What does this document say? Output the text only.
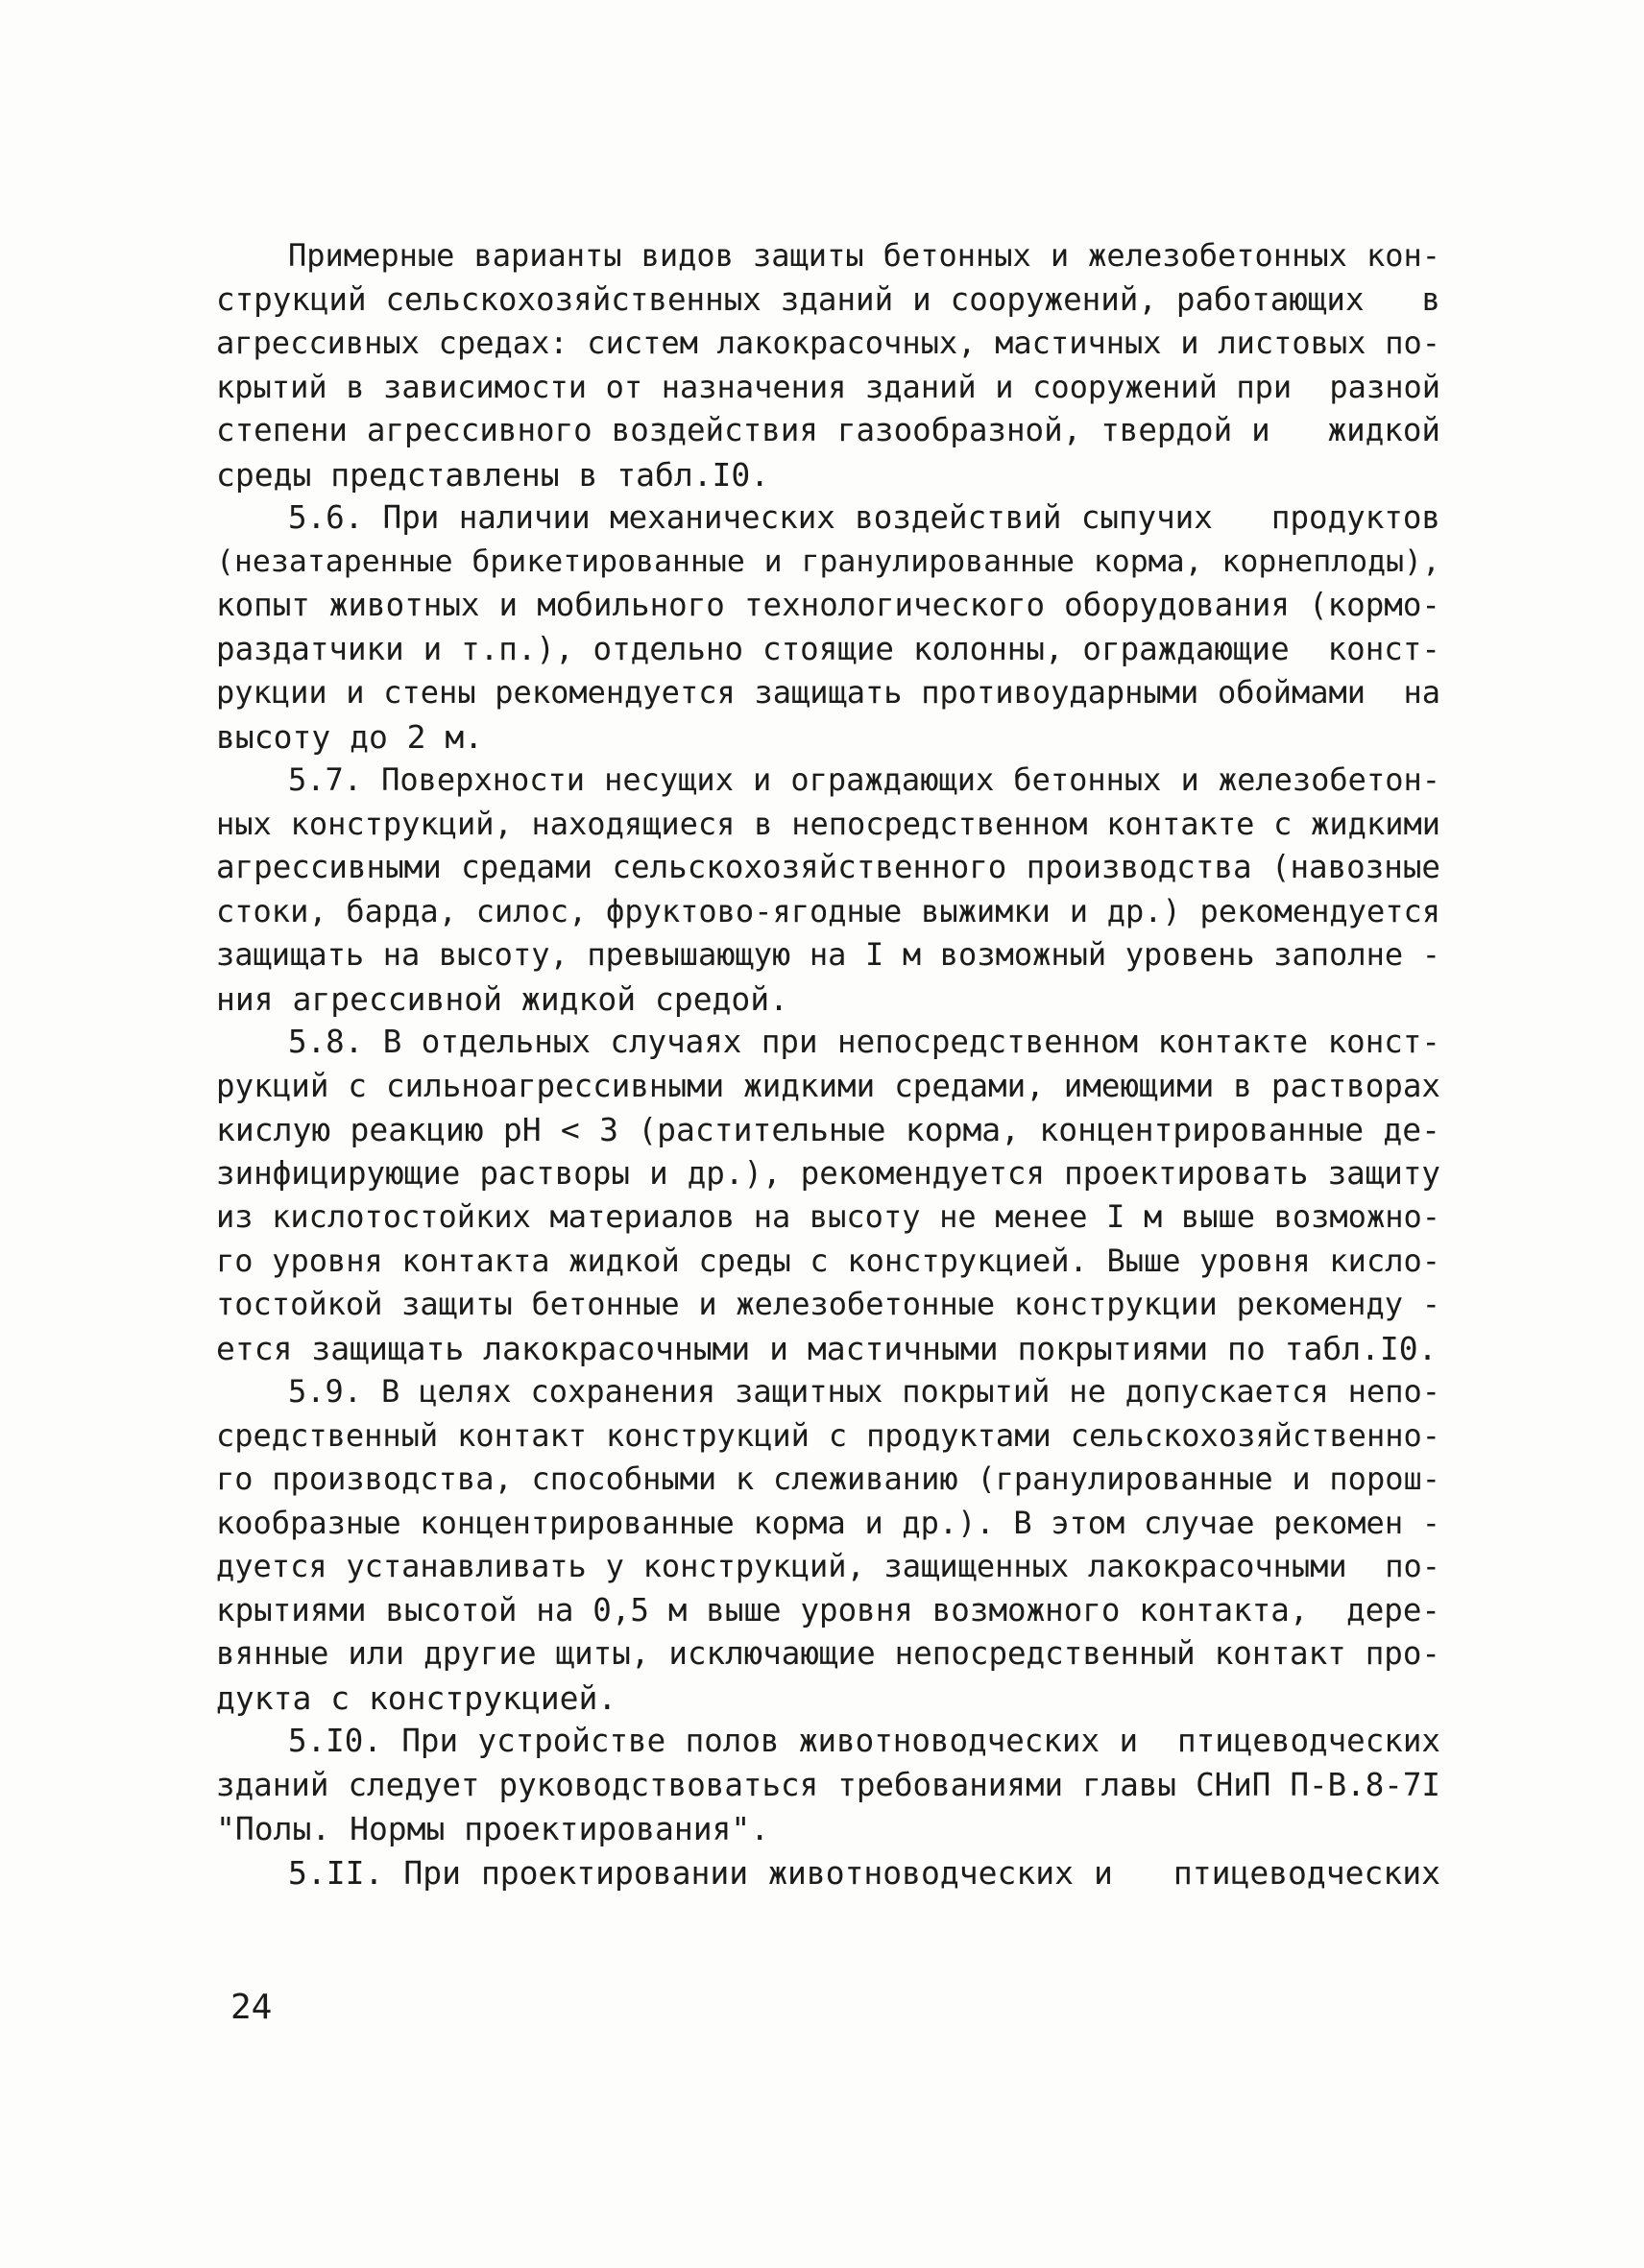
Примерные варианты видов защиты бетонных и железобетонных кон-
струкций сельскохозяйственных зданий и сооружений, работающих   в
агрессивных средах: систем лакокрасочных, мастичных и листовых по-
крытий в зависимости от назначения зданий и сооружений при  разной
степени агрессивного воздействия газообразной, твердой и   жидкой
среды представлены в табл.I0.
5.6. При наличии механических воздействий сыпучих   продуктов
(незатаренные брикетированные и гранулированные корма, корнеплоды),
копыт животных и мобильного технологического оборудования (кормо-
раздатчики и т.п.), отдельно стоящие колонны, ограждающие  конст-
рукции и стены рекомендуется защищать противоударными обоймами  на
высоту до 2 м.
5.7. Поверхности несущих и ограждающих бетонных и железобетон-
ных конструкций, находящиеся в непосредственном контакте с жидкими
агрессивными средами сельскохозяйственного производства (навозные
стоки, барда, силос, фруктово-ягодные выжимки и др.) рекомендуется
защищать на высоту, превышающую на I м возможный уровень заполне -
ния агрессивной жидкой средой.
5.8. В отдельных случаях при непосредственном контакте конст-
рукций с сильноагрессивными жидкими средами, имеющими в растворах
кислую реакцию pH < 3 (растительные корма, концентрированные де-
зинфицирующие растворы и др.), рекомендуется проектировать защиту
из кислотостойких материалов на высоту не менее I м выше возможно-
го уровня контакта жидкой среды с конструкцией. Выше уровня кисло-
тостойкой защиты бетонные и железобетонные конструкции рекоменду -
ется защищать лакокрасочными и мастичными покрытиями по табл.I0.
5.9. В целях сохранения защитных покрытий не допускается непо-
средственный контакт конструкций с продуктами сельскохозяйственно-
го производства, способными к слеживанию (гранулированные и порош-
кообразные концентрированные корма и др.). В этом случае рекомен -
дуется устанавливать у конструкций, защищенных лакокрасочными  по-
крытиями высотой на 0,5 м выше уровня возможного контакта,  дере-
вянные или другие щиты, исключающие непосредственный контакт про-
дукта с конструкцией.
5.I0. При устройстве полов животноводческих и  птицеводческих
зданий следует руководствоваться требованиями главы СНиП П-В.8-7I
"Полы. Нормы проектирования".
5.II. При проектировании животноводческих и   птицеводческих
24
